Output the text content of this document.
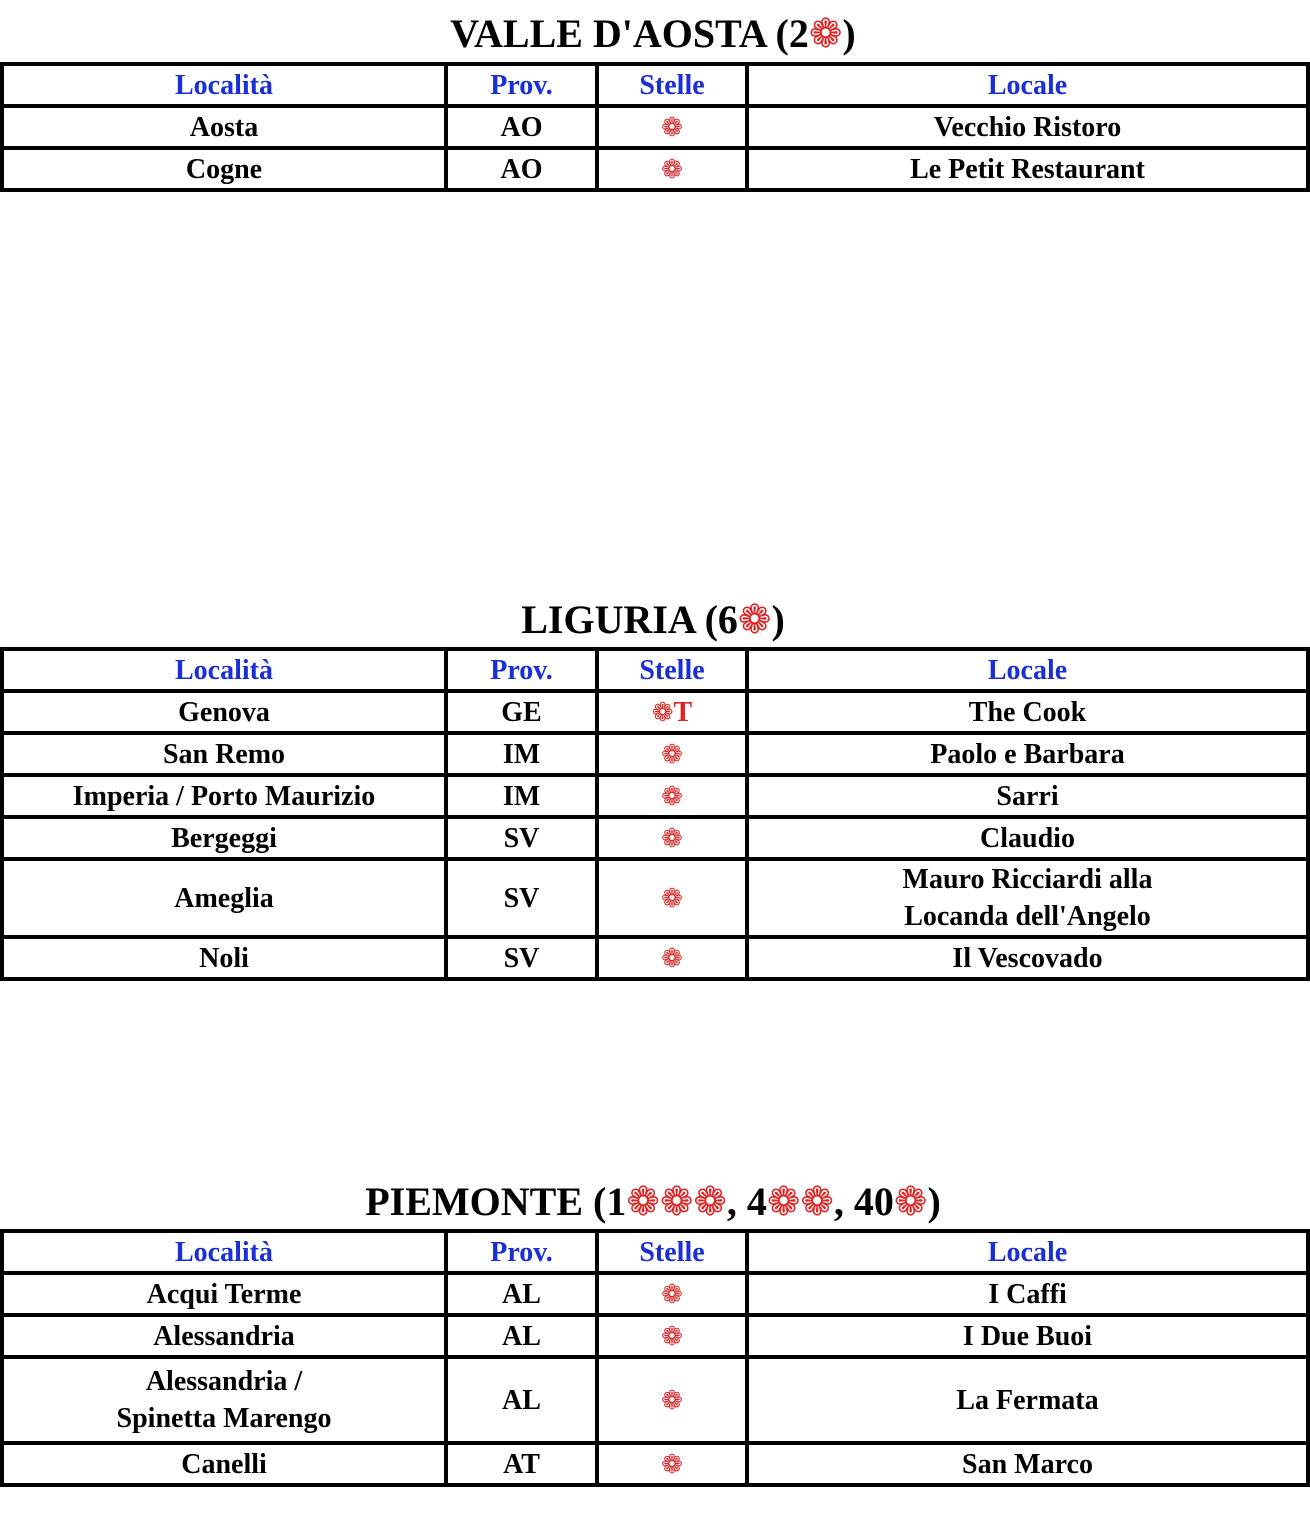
VALLE D'AOSTA (2❁)
Località	Prov.	Stelle	Locale
Aosta	AO	❁	Vecchio Ristoro
Cogne	AO	❁	Le Petit Restaurant
LIGURIA (6❁)
Località	Prov.	Stelle	Locale
Genova	GE	❁T	The Cook
San Remo	IM	❁	Paolo e Barbara
Imperia / Porto Maurizio	IM	❁	Sarri
Bergeggi	SV	❁	Claudio
Ameglia	SV	❁	Mauro Ricciardi alla
Locanda dell'Angelo
Noli	SV	❁	Il Vescovado
PIEMONTE (1❁❁❁, 4❁❁, 40❁)
Località	Prov.	Stelle	Locale
Acqui Terme	AL	❁	I Caffi
Alessandria	AL	❁	I Due Buoi
Alessandria /
Spinetta Marengo	AL	❁	La Fermata
Canelli	AT	❁	San Marco
